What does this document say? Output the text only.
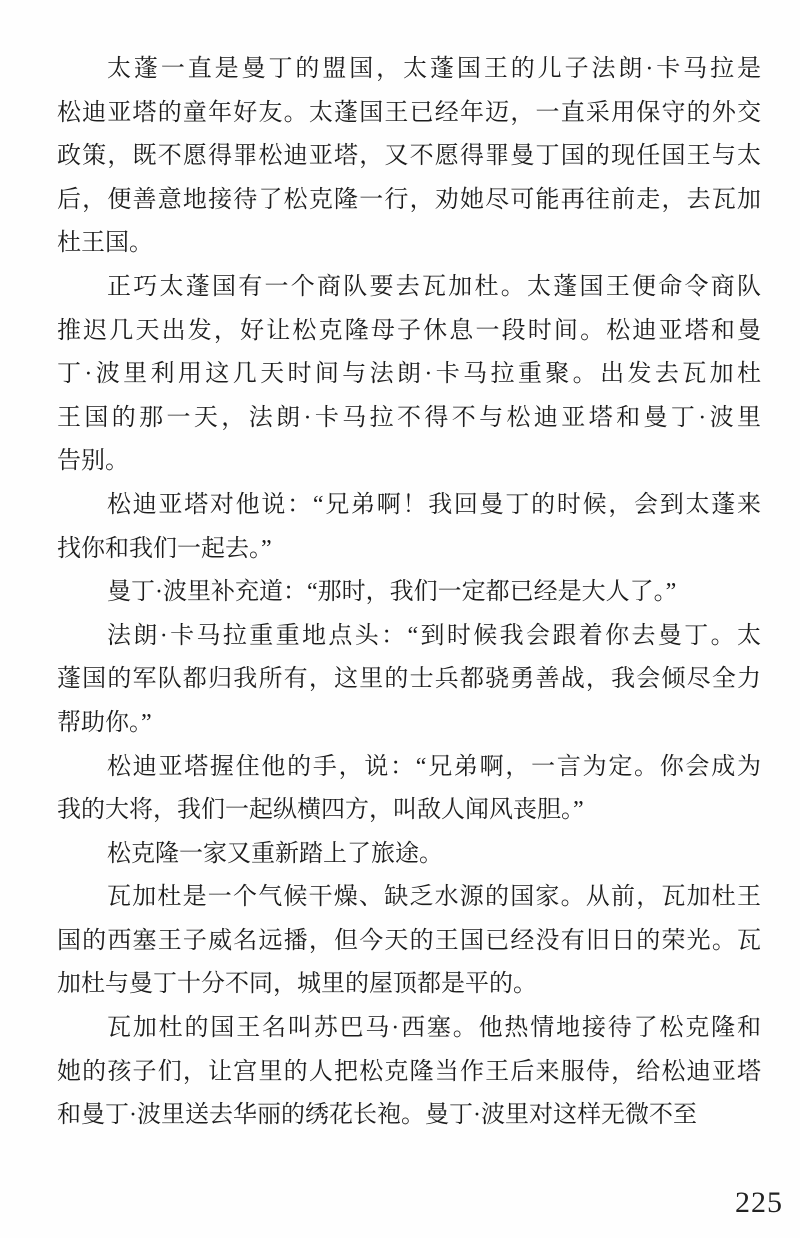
太蓬一直是曼丁的盟国，太蓬国王的儿子法朗·卡马拉是
松迪亚塔的童年好友。太蓬国王已经年迈，一直采用保守的外交
政策，既不愿得罪松迪亚塔，又不愿得罪曼丁国的现任国王与太
后，便善意地接待了松克隆一行，劝她尽可能再往前走，去瓦加
杜王国。
正巧太蓬国有一个商队要去瓦加杜。太蓬国王便命令商队
推迟几天出发，好让松克隆母子休息一段时间。松迪亚塔和曼
丁·波里利用这几天时间与法朗·卡马拉重聚。出发去瓦加杜
王国的那一天，法朗·卡马拉不得不与松迪亚塔和曼丁·波里
告别。
松迪亚塔对他说：“兄弟啊！我回曼丁的时候，会到太蓬来
找你和我们一起去。”
曼丁·波里补充道：“那时，我们一定都已经是大人了。”
法朗·卡马拉重重地点头：“到时候我会跟着你去曼丁。太
蓬国的军队都归我所有，这里的士兵都骁勇善战，我会倾尽全力
帮助你。”
松迪亚塔握住他的手，说：“兄弟啊，一言为定。你会成为
我的大将，我们一起纵横四方，叫敌人闻风丧胆。”
松克隆一家又重新踏上了旅途。
瓦加杜是一个气候干燥、缺乏水源的国家。从前，瓦加杜王
国的西塞王子威名远播，但今天的王国已经没有旧日的荣光。瓦
加杜与曼丁十分不同，城里的屋顶都是平的。
瓦加杜的国王名叫苏巴马·西塞。他热情地接待了松克隆和
她的孩子们，让宫里的人把松克隆当作王后来服侍，给松迪亚塔
和曼丁·波里送去华丽的绣花长袍。曼丁·波里对这样无微不至
225
